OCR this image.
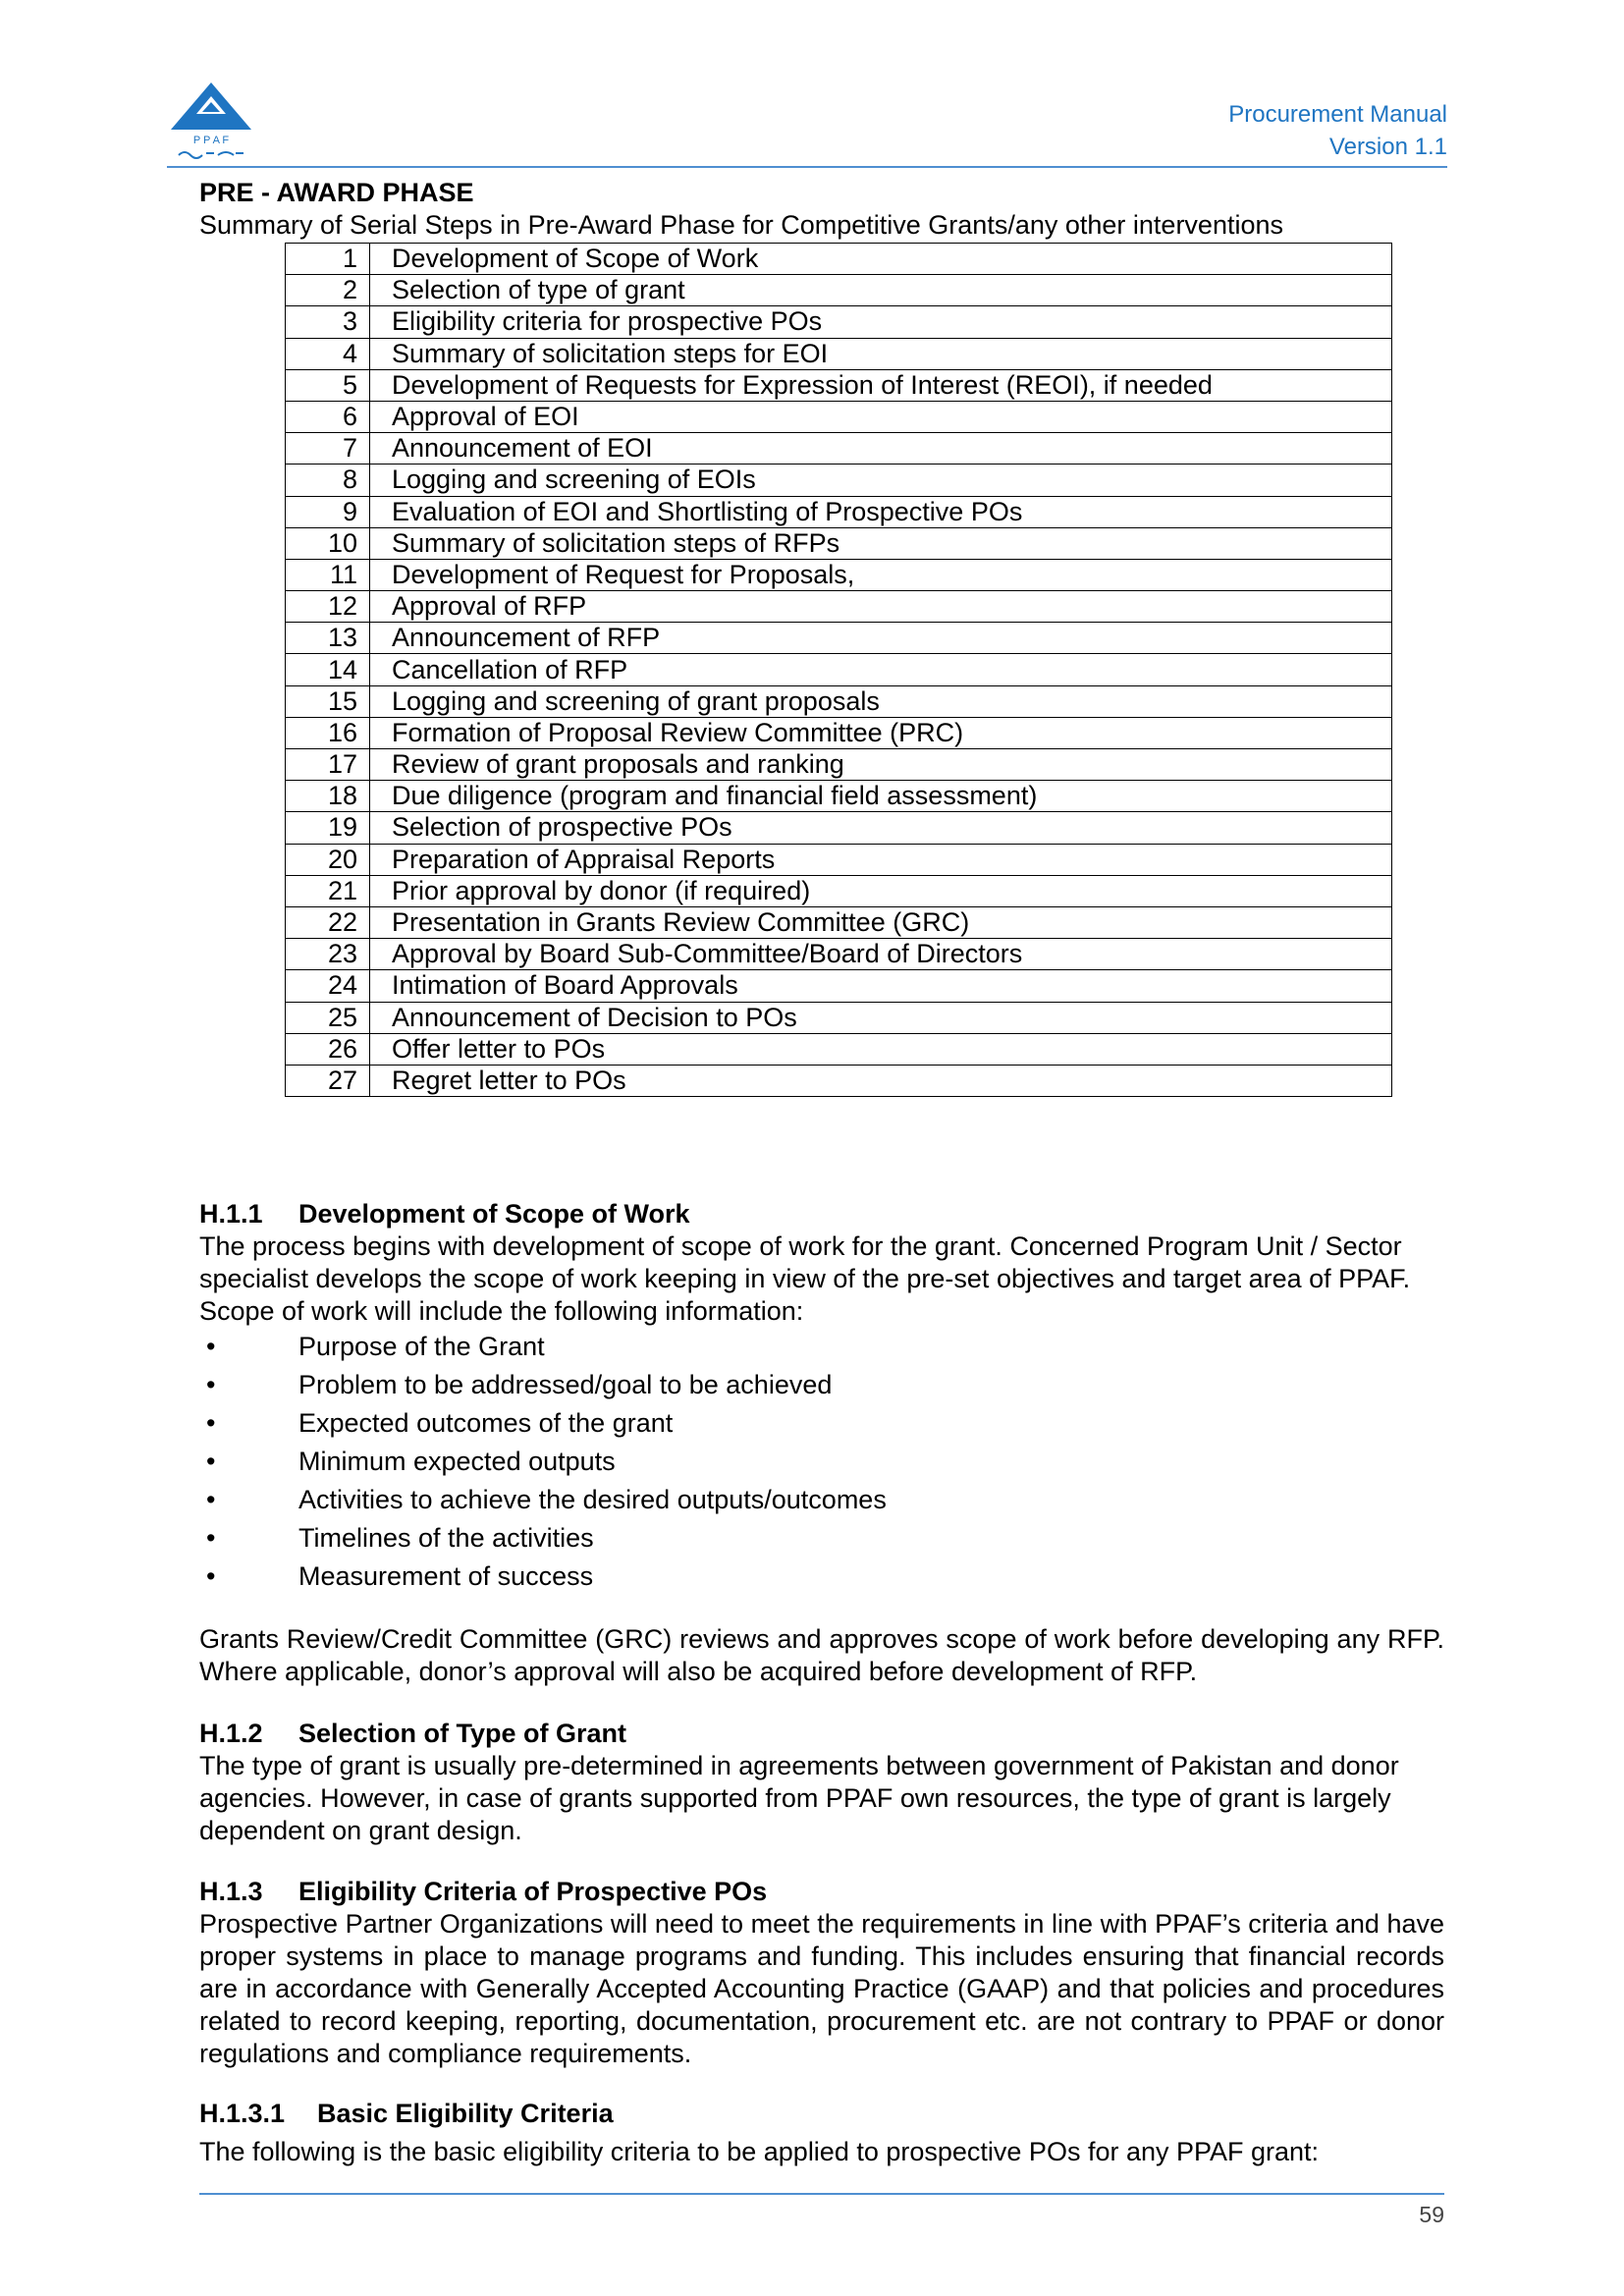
P P A F
Procurement Manual
Version 1.1
PRE - AWARD PHASE

Summary of Serial Steps in Pre-Award Phase for Competitive Grants/any other interventions

1	Development of Scope of Work
2	Selection of type of grant
3	Eligibility criteria for prospective POs
4	Summary of solicitation steps for EOI
5	Development of Requests for Expression of Interest (REOI), if needed
6	Approval of EOI
7	Announcement of EOI
8	Logging and screening of EOIs
9	Evaluation of EOI and Shortlisting of Prospective POs
10	Summary of solicitation steps of RFPs
11	Development of Request for Proposals,
12	Approval of RFP
13	Announcement of RFP
14	Cancellation of RFP
15	Logging and screening of grant proposals
16	Formation of Proposal Review Committee (PRC)
17	Review of grant proposals and ranking
18	Due diligence (program and financial field assessment)
19	Selection of prospective POs
20	Preparation of Appraisal Reports
21	Prior approval by donor (if required)
22	Presentation in Grants Review Committee (GRC)
23	Approval by Board Sub-Committee/Board of Directors
24	Intimation of Board Approvals
25	Announcement of Decision to POs
26	Offer letter to POs
27	Regret letter to POs
H.1.1 Development of Scope of Work

The process begins with development of scope of work for the grant. Concerned Program Unit / Sector specialist develops the scope of work keeping in view of the pre-set objectives and target area of PPAF. Scope of work will include the following information:

•	Purpose of the Grant
•	Problem to be addressed/goal to be achieved
•	Expected outcomes of the grant
•	Minimum expected outputs
•	Activities to achieve the desired outputs/outcomes
•	Timelines of the activities
•	Measurement of success

Grants Review/Credit Committee (GRC) reviews and approves scope of work before developing any RFP. Where applicable, donor’s approval will also be acquired before development of RFP.

H.1.2 Selection of Type of Grant

The type of grant is usually pre-determined in agreements between government of Pakistan and donor agencies. However, in case of grants supported from PPAF own resources, the type of grant is largely dependent on grant design.

H.1.3 Eligibility Criteria of Prospective POs

Prospective Partner Organizations will need to meet the requirements in line with PPAF’s criteria and have proper systems in place to manage programs and funding. This includes ensuring that financial records are in accordance with Generally Accepted Accounting Practice (GAAP) and that policies and procedures related to record keeping, reporting, documentation, procurement etc. are not contrary to PPAF or donor regulations and compliance requirements.

H.1.3.1 Basic Eligibility Criteria

The following is the basic eligibility criteria to be applied to prospective POs for any PPAF grant:

59
